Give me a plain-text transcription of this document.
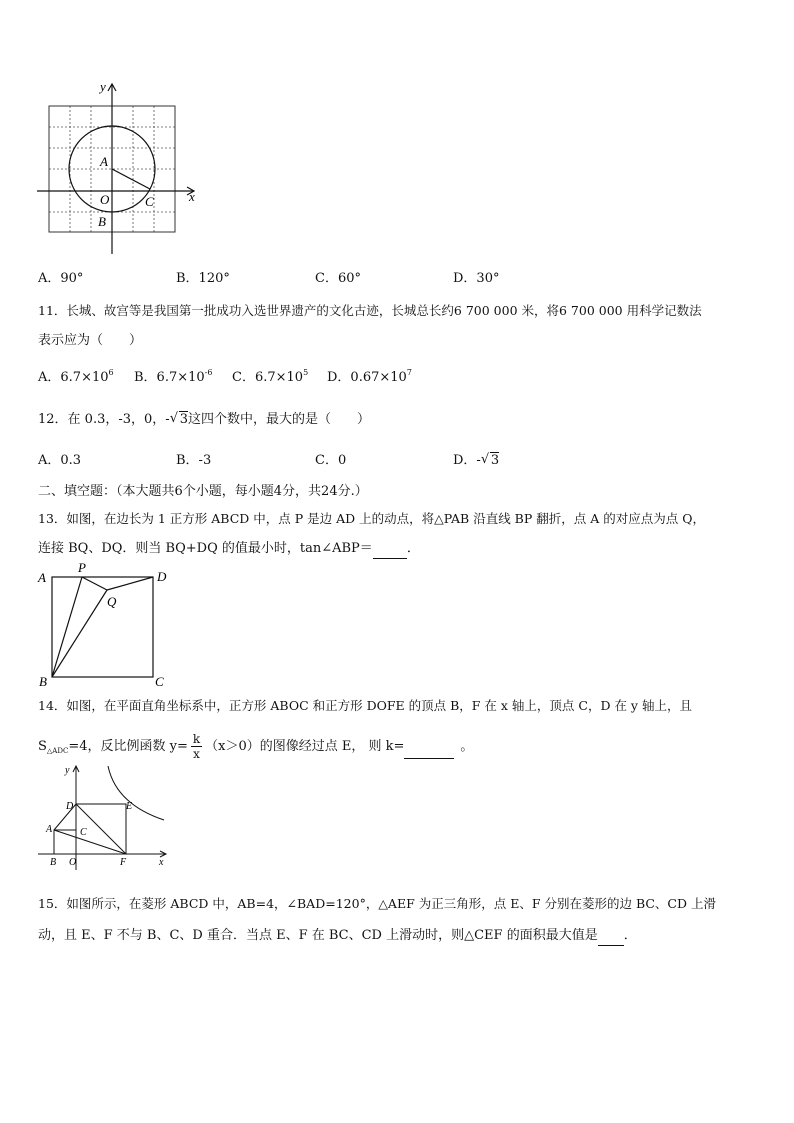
y
x
A
O	C
B
A．90°	B．120°	C．60°	D．30°
11．长城、故宫等是我国第一批成功入选世界遗产的文化古迹，长城总长约6 700 000 米，将6 700 000 用科学记数法
表示应为（　　）
A．$6.7\times 10^6$ B．$6.7\times 10^{-6}$ C．$6.7\times 10^5$ D．$0.67\times 10^7$
12．在 0.3，-3，0，- √ 3这四个数中，最大的是（　　）
A．0.3	B．-3	C．0	D．- √ 3
二、填空题：（本大题共6个小题，每小题4分，共24分.）
13．如图，在边长为 1 正方形 ABCD 中，点 P 是边 AD 上的动点，将△PAB 沿直线 BP 翻折，点 A 的对应点为点 Q，
连接 BQ、DQ．则当 BQ+DQ 的值最小时，tan∠ABP＝	．
A
P
D
Q
B	C
14．如图，在平面直角坐标系中，正方形 ABOC 和正方形 DOFE 的顶点 B，F 在 x 轴上，顶点 C，D 在 y 轴上，且
$S_{\triangle ADC}=4$，反比例函数 $y= \frac{k}{x} (x>0)$的图像经过点 E， 则 k=	。
y
D	E
A	C
B O	F	x
15．如图所示，在菱形 ABCD 中，AB=4，∠BAD=120°，△AEF 为正三角形，点 E、F 分别在菱形的边 BC、CD 上滑
动，且 E、F 不与 B、C、D 重合．当点 E、F 在 BC、CD 上滑动时，则△CEF 的面积最大值是 ．
